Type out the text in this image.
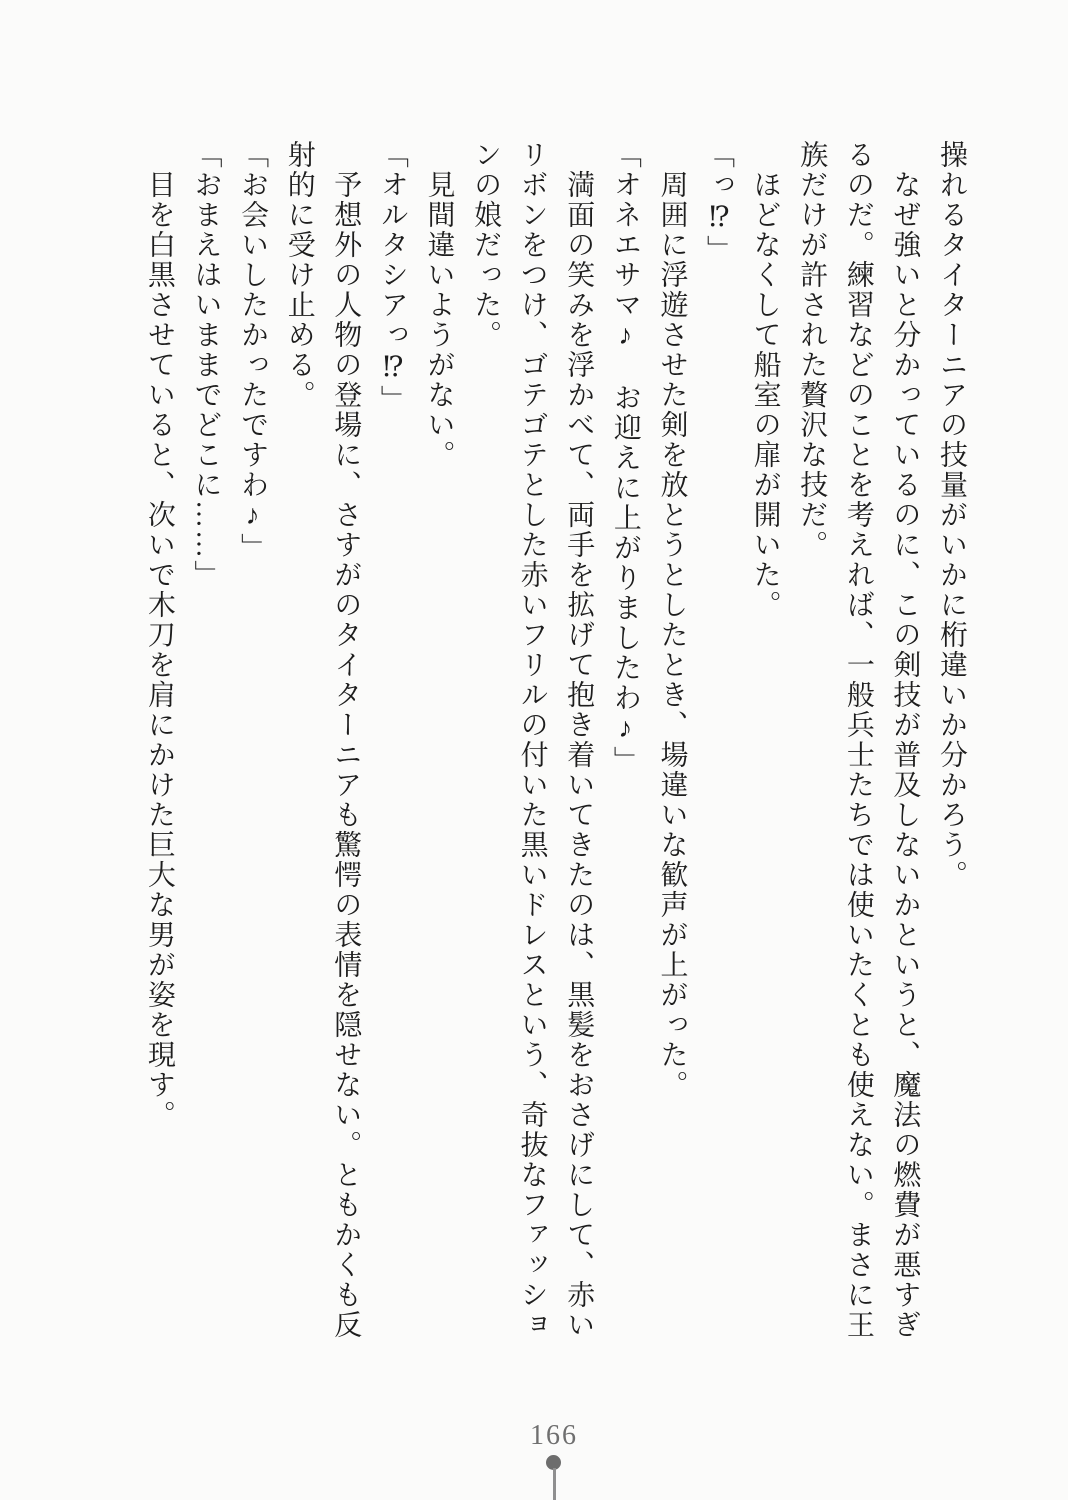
操れるタイターニアの技量がいかに桁違いか分かろう。

　なぜ強いと分かっているのに、この剣技が普及しないかというと、魔法の燃費が悪すぎ

るのだ。練習などのことを考えれば、一般兵士たちでは使いたくとも使えない。まさに王

族だけが許された贅沢な技だ。

　ほどなくして船室の扉が開いた。

「っ⁉」

　周囲に浮遊させた剣を放とうとしたとき、場違いな歓声が上がった。

「オネエサマ♪　お迎えに上がりましたわ♪」

　満面の笑みを浮かべて、両手を拡げて抱き着いてきたのは、黒髪をおさげにして、赤い

リボンをつけ、ゴテゴテとした赤いフリルの付いた黒いドレスという、奇抜なファッショ

ンの娘だった。

　見間違いようがない。

「オルタシアっ⁉」

　予想外の人物の登場に、さすがのタイターニアも驚愕の表情を隠せない。ともかくも反

射的に受け止める。

「お会いしたかったですわ♪」

「おまえはいままでどこに……」

　目を白黒させていると、次いで木刀を肩にかけた巨大な男が姿を現す。

166
